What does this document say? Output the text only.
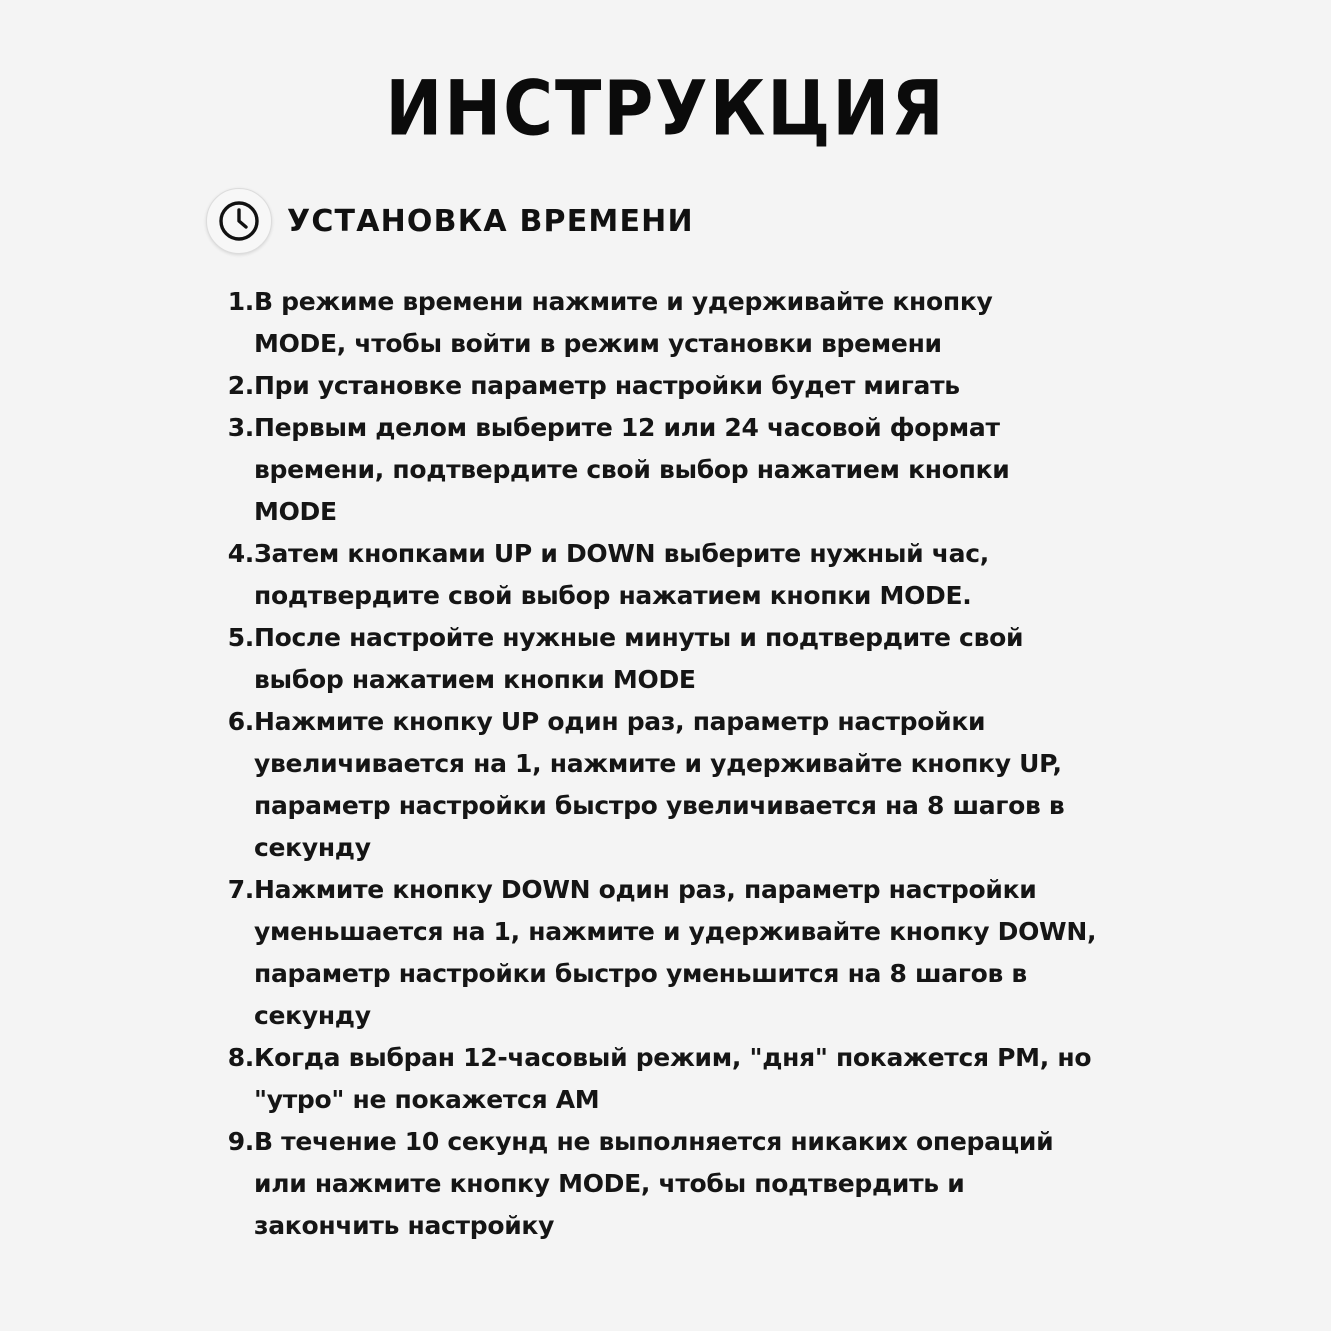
ИНСТРУКЦИЯ
УСТАНОВКА ВРЕМЕНИ
1. В режиме времени нажмите и удерживайте кнопку
MODE, чтобы войти в режим установки времени
2. При установке параметр настройки будет мигать
3. Первым делом выберите 12 или 24 часовой формат
времени, подтвердите свой выбор нажатием кнопки
MODE
4. Затем кнопками UP и DOWN выберите нужный час,
подтвердите свой выбор нажатием кнопки MODE.
5. После настройте нужные минуты и подтвердите свой
выбор нажатием кнопки MODE
6. Нажмите кнопку UP один раз, параметр настройки
увеличивается на 1, нажмите и удерживайте кнопку UP,
параметр настройки быстро увеличивается на 8 шагов в
секунду
7. Нажмите кнопку DOWN один раз, параметр настройки
уменьшается на 1, нажмите и удерживайте кнопку DOWN,
параметр настройки быстро уменьшится на 8 шагов в
секунду
8. Когда выбран 12-часовый режим, "дня" покажется PM, но
"утро" не покажется AM
9. В течение 10 секунд не выполняется никаких операций
или нажмите кнопку MODE, чтобы подтвердить и
закончить настройку
